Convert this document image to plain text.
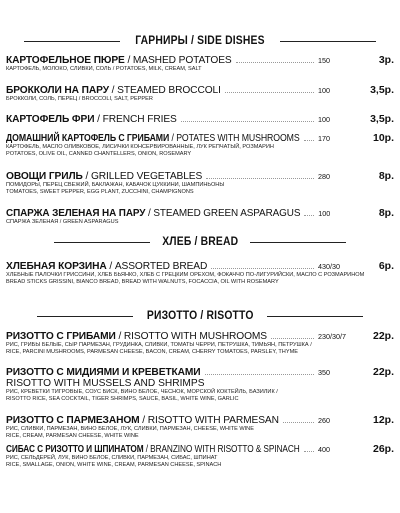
ГАРНИРЫ / SIDE DISHES
КАРТОФЕЛЬНОЕ ПЮРЕ / MASHED POTATOES	150	3р.
КАРТОФЕЛЬ, МОЛОКО, СЛИВКИ, СОЛЬ / POTATOES, MILK, CREAM, SALT
БРОККОЛИ НА ПАРУ / STEAMED BROCCOLI	100	3,5р.
БРОККОЛИ, СОЛЬ, ПЕРЕЦ / BROCCOLI, SALT, PEPPER
КАРТОФЕЛЬ ФРИ / FRENCH FRIES	100	3,5р.
ДОМАШНИЙ КАРТОФЕЛЬ С ГРИБАМИ / POTATES WITH MUSHROOMS	170	10р.
КАРТОФЕЛЬ, МАСЛО ОЛИВКОВОЕ, ЛИСИЧКИ КОНСЕРВИРОВАННЫЕ, ЛУК РЕПЧАТЫЙ, РОЗМАРИН
POTATOES, OLIVE OIL, CANNED CHANTELLERS, ONION, ROSEMARY
ОВОЩИ ГРИЛЬ / GRILLED VEGETABLES	280	8р.
ПОМИДОРЫ, ПЕРЕЦ СВЕЖИЙ, БАКЛАЖАН, КАБАЧОК ЦУККИНИ, ШАМПИНЬОНЫ
TOMATOES, SWEET PEPPER, EGG PLANT, ZUCCHINI, CHAMPIGNONS
СПАРЖА ЗЕЛЕНАЯ НА ПАРУ / STEAMED GREEN ASPARAGUS 100	8р.
СПАРЖА ЗЕЛЕНАЯ / GREEN ASPARAGUS
ХЛЕБ / BREAD
ХЛЕБНАЯ КОРЗИНА / ASSORTED BREAD	430/30	6р.
ХЛЕБНЫЕ ПАЛОЧКИ ГРИССИНИ, ХЛЕБ БЬЯНКО, ХЛЕБ С ГРЕЦКИМ ОРЕХОМ, ФОКАЧЧО ПО-ЛИГУРИЙСКИ, МАСЛО С РОЗМАРИНОМ
BREAD STICKS GRISSINI, BIANCO BREAD, BREAD WITH WALNUTS, FOCACCIA, OIL WITH ROSEMARY
РИЗОТТО / RISOTTO
РИЗОТТО С ГРИБАМИ / RISOTTO WITH MUSHROOMS	230/30/7	22р.
РИС, ГРИБЫ БЕЛЫЕ, СЫР ПАРМЕЗАН, ГРУДИНКА, СЛИВКИ, ТОМАТЫ ЧЕРРИ, ПЕТРУШКА, ТИМЬЯН, ПЕТРУШКА /
RICE, PARCINI MUSHROOMS, PARMESAN CHEESE, BACON, CREAM, CHERRY TOMATOES, PARSLEY, THYME
РИЗОТТО С МИДИЯМИ И КРЕВЕТКАМИ	350	22р.
RISOTTO WITH MUSSELS AND SHRIMPS
РИС, КРЕВЕТКИ ТИГРОВЫЕ, СОУС БИСК, ВИНО БЕЛОЕ, ЧЕСНОК, МОРСКОЙ КОКТЕЙЛЬ, БАЗИЛИК /
RISOTTO RICE, SEA COCKTAIL, TIGER SHRIMPS, SAUCE, BASIL, WHITE WINE, GARLIC
РИЗОТТО С ПАРМЕЗАНОМ / RISOTTO WITH PARMESAN	260	12р.
РИС, СЛИВКИ, ПАРМЕЗАН, ВИНО БЕЛОЕ, ЛУК, СЛИВКИ, ПАРМЕЗАН, CHEESE, WHITE WINE
RICE, CREAM, PARMESAN CHEESE, WHITE WINE
СИБАС С РИЗОТТО И ШПИНАТОМ / BRANZINO WITH RISOTTO & SPINACH	400	26р.
РИС, СЕЛЬДЕРЕЙ, ЛУК, ВИНО БЕЛОЕ, СЛИВКИ, ПАРМЕЗАН, СИБАС, ШПИНАТ
RICE, SMALLAGE, ONION, WHITE WINE, CREAM, PARMESAN CHEESE, SPINACH
